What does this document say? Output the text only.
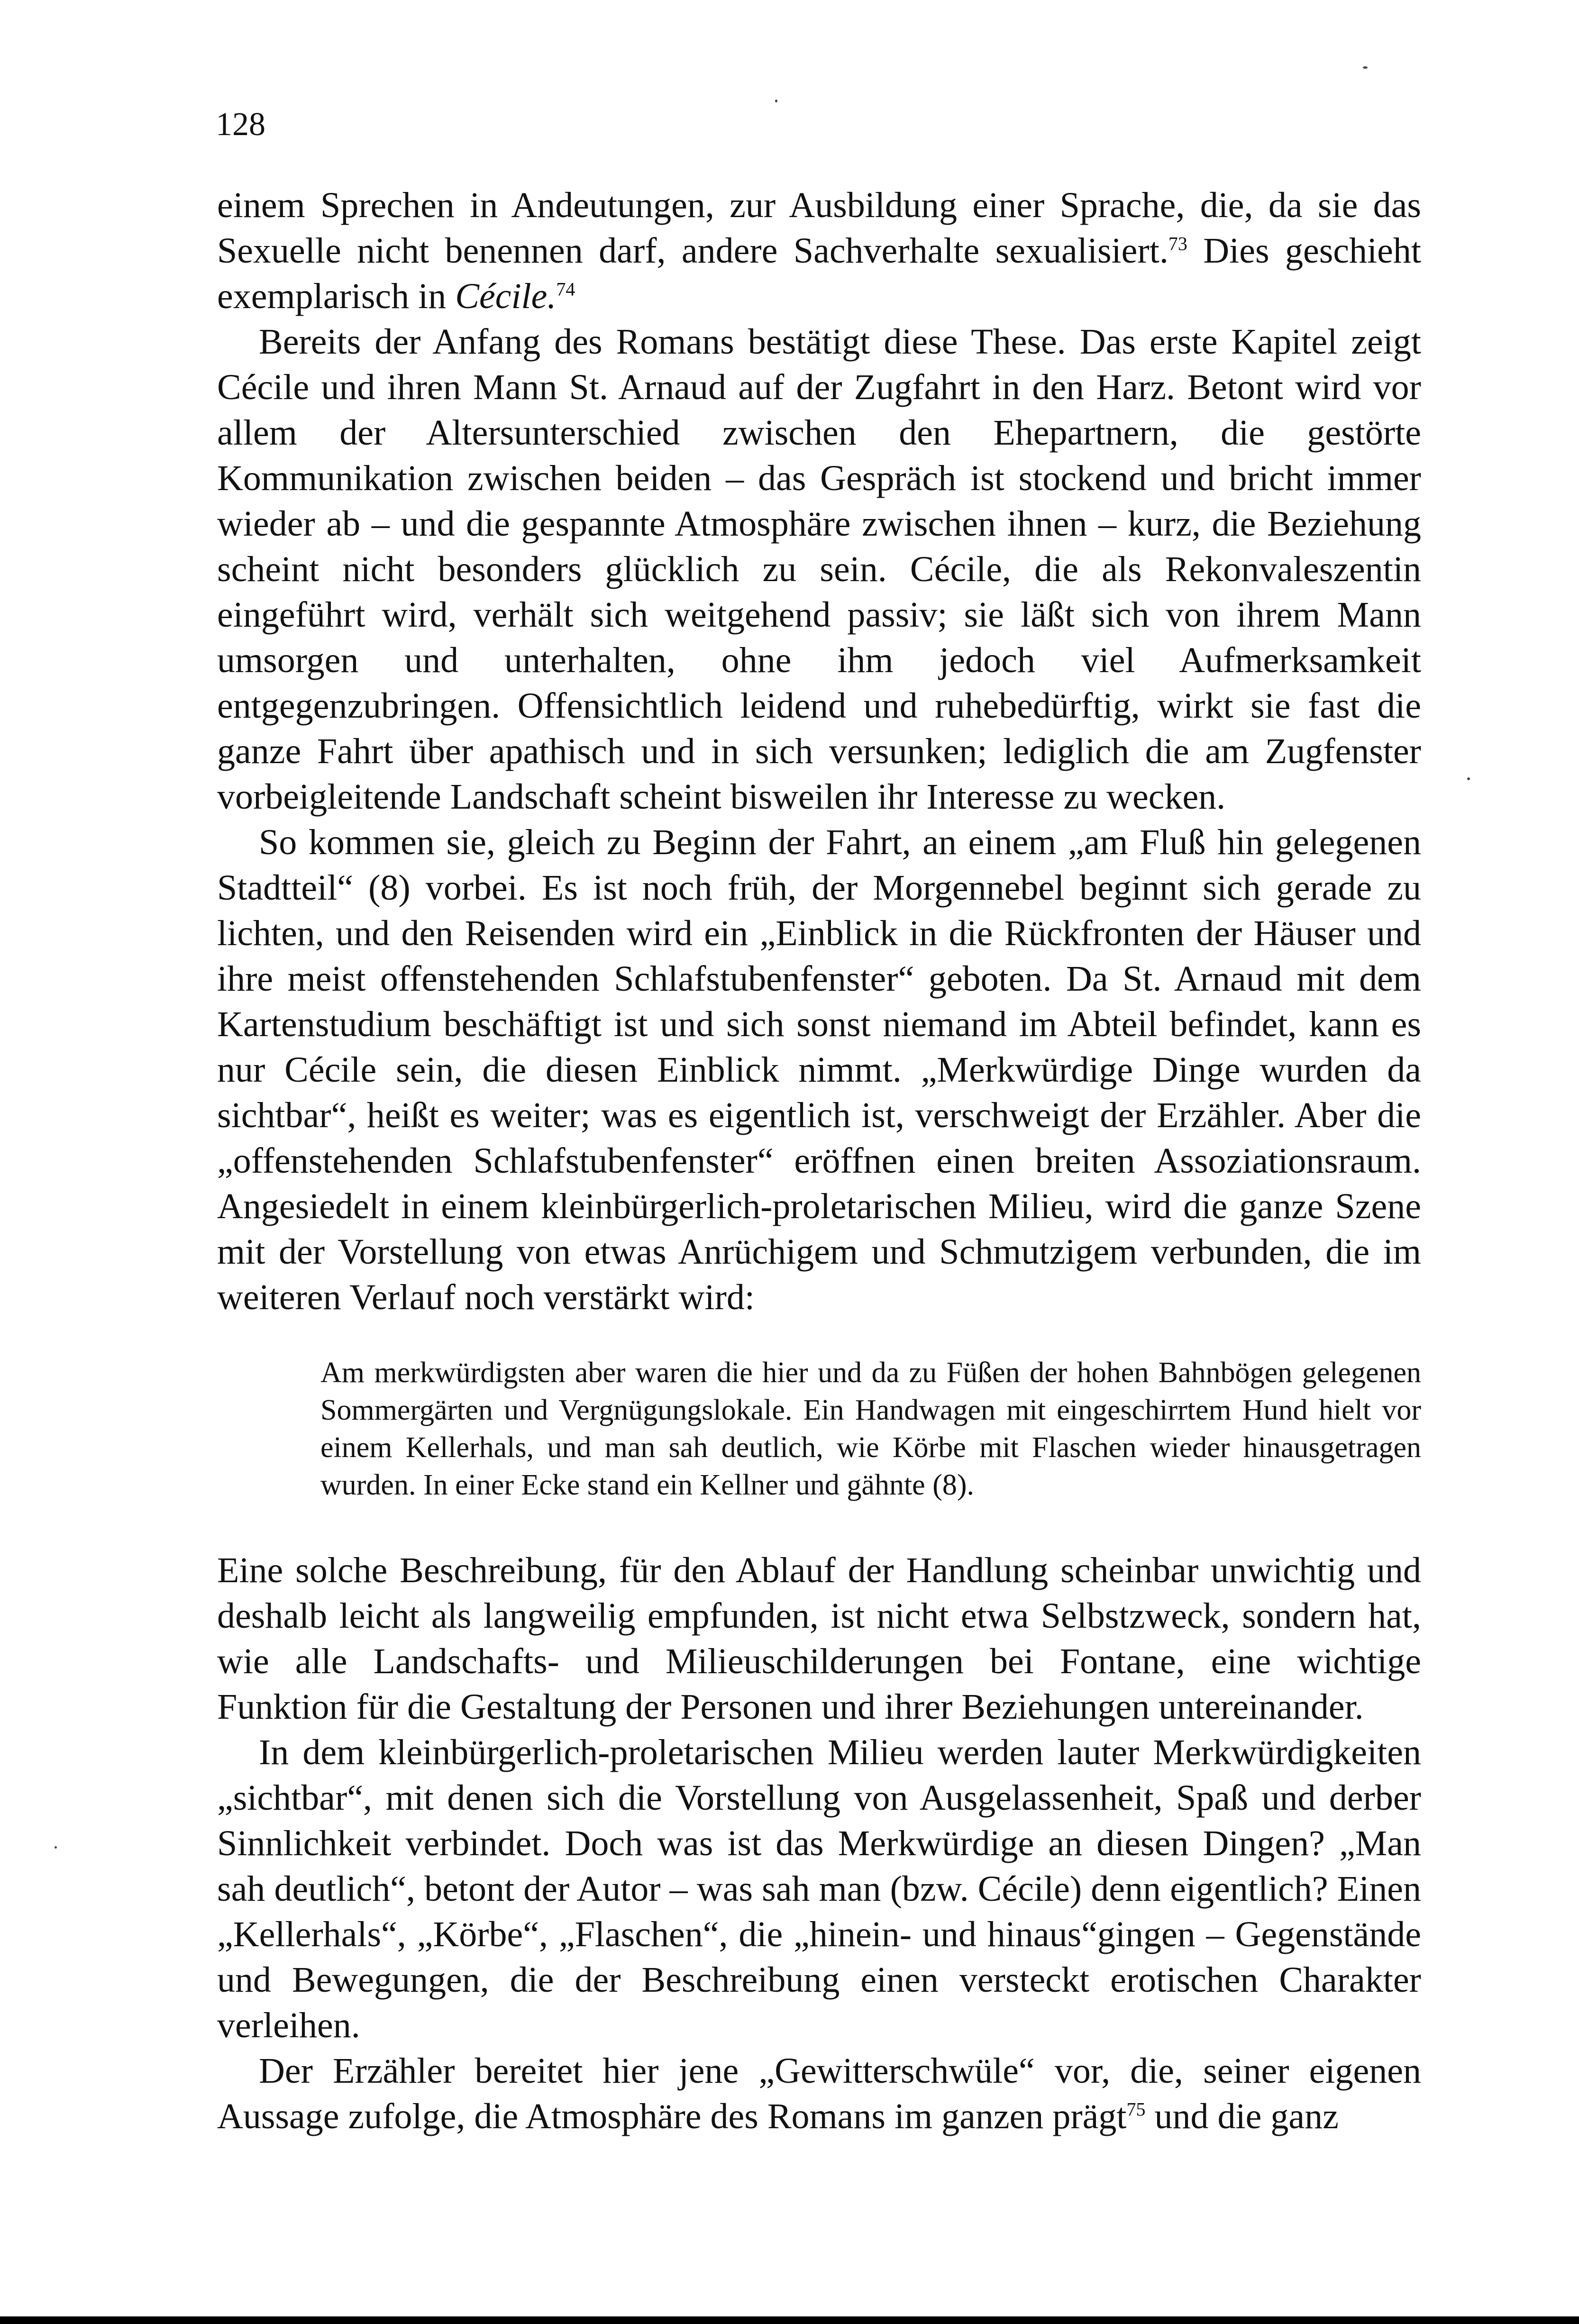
128

einem Sprechen in Andeutungen, zur Ausbildung einer Sprache, die, da sie das Sexuelle nicht benennen darf, andere Sachverhalte sexualisiert.$^{73}$ Dies geschieht exemplarisch in Cécile.$^{74}$

Bereits der Anfang des Romans bestätigt diese These. Das erste Kapitel zeigt Cécile und ihren Mann St. Arnaud auf der Zugfahrt in den Harz. Betont wird vor allem der Altersunterschied zwischen den Ehepartnern, die gestörte Kommunikation zwischen beiden – das Gespräch ist stockend und bricht immer wieder ab – und die gespannte Atmosphäre zwischen ihnen – kurz, die Beziehung scheint nicht besonders glücklich zu sein. Cécile, die als Rekonvaleszentin eingeführt wird, verhält sich weitgehend passiv; sie läßt sich von ihrem Mann umsorgen und unterhalten, ohne ihm jedoch viel Aufmerksamkeit entgegenzubringen. Offensichtlich leidend und ruhebedürftig, wirkt sie fast die ganze Fahrt über apathisch und in sich versunken; lediglich die am Zugfenster vorbeigleitende Landschaft scheint bisweilen ihr Interesse zu wecken.

So kommen sie, gleich zu Beginn der Fahrt, an einem „am Fluß hin gelegenen Stadtteil“ (8) vorbei. Es ist noch früh, der Morgennebel beginnt sich gerade zu lichten, und den Reisenden wird ein „Einblick in die Rückfronten der Häuser und ihre meist offenstehenden Schlafstubenfenster“ geboten. Da St. Arnaud mit dem Kartenstudium beschäftigt ist und sich sonst niemand im Abteil befindet, kann es nur Cécile sein, die diesen Einblick nimmt. „Merkwürdige Dinge wurden da sichtbar“, heißt es weiter; was es eigentlich ist, verschweigt der Erzähler. Aber die „offenstehenden Schlafstubenfenster“ eröffnen einen breiten Assoziationsraum. Angesiedelt in einem kleinbürgerlich-proletarischen Milieu, wird die ganze Szene mit der Vorstellung von etwas Anrüchigem und Schmutzigem verbunden, die im weiteren Verlauf noch verstärkt wird:

Am merkwürdigsten aber waren die hier und da zu Füßen der hohen Bahnbögen gelegenen Sommergärten und Vergnügungslokale. Ein Handwagen mit eingeschirrtem Hund hielt vor einem Kellerhals, und man sah deutlich, wie Körbe mit Flaschen wieder hinausgetragen wurden. In einer Ecke stand ein Kellner und gähnte (8).

Eine solche Beschreibung, für den Ablauf der Handlung scheinbar unwichtig und deshalb leicht als langweilig empfunden, ist nicht etwa Selbstzweck, sondern hat, wie alle Landschafts- und Milieuschilderungen bei Fontane, eine wichtige Funktion für die Gestaltung der Personen und ihrer Beziehungen untereinander.

In dem kleinbürgerlich-proletarischen Milieu werden lauter Merkwürdigkeiten „sichtbar“, mit denen sich die Vorstellung von Ausgelassenheit, Spaß und derber Sinnlichkeit verbindet. Doch was ist das Merkwürdige an diesen Dingen? „Man sah deutlich“, betont der Autor – was sah man (bzw. Cécile) denn eigentlich? Einen „Kellerhals“, „Körbe“, „Flaschen“, die „hinein- und hinaus“gingen – Gegenstände und Bewegungen, die der Beschreibung einen versteckt erotischen Charakter verleihen.

Der Erzähler bereitet hier jene „Gewitterschwüle“ vor, die, seiner eigenen Aussage zufolge, die Atmosphäre des Romans im ganzen prägt$^{75}$ und die ganz
